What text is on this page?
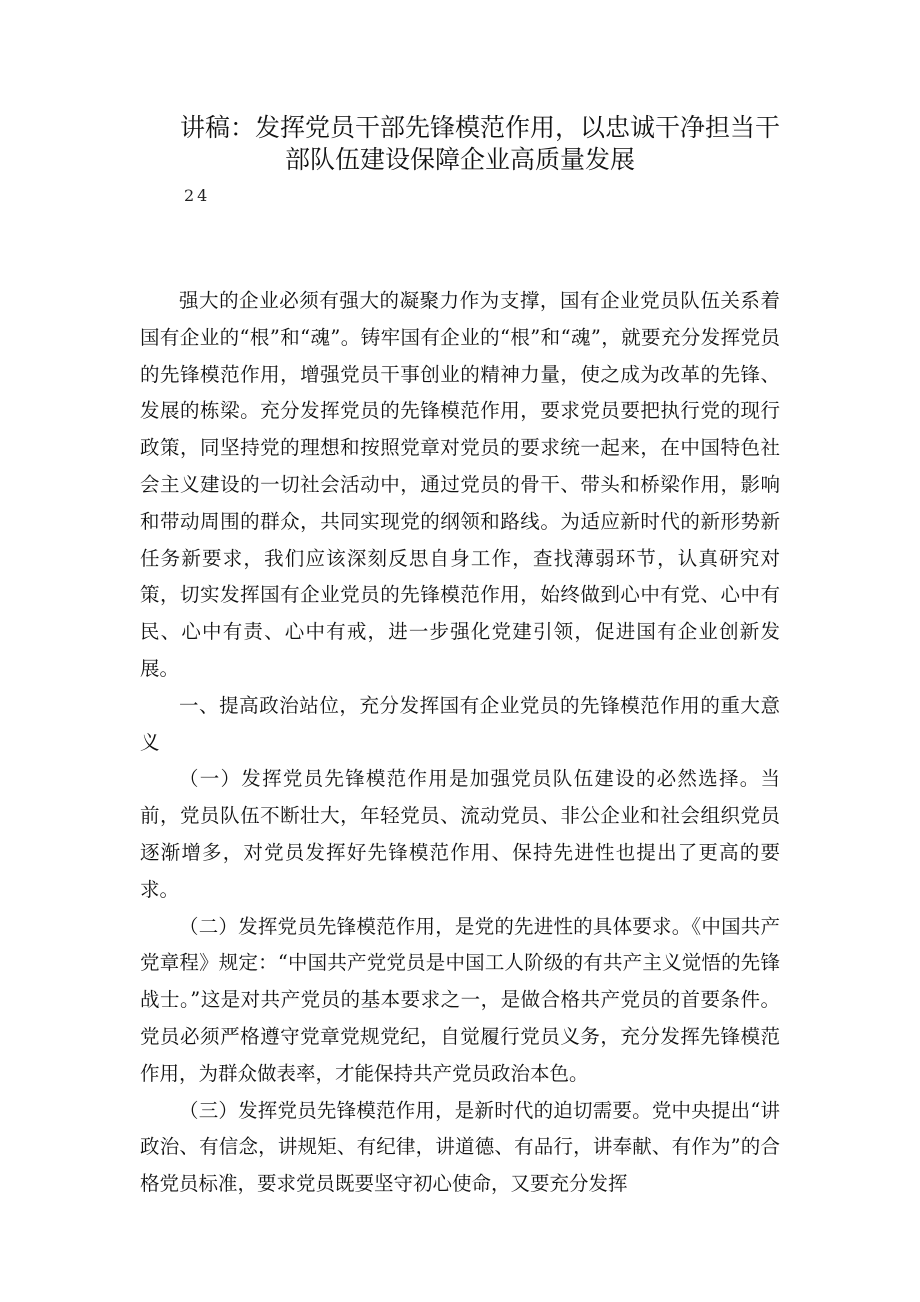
讲稿：发挥党员干部先锋模范作用，以忠诚干净担当干
部队伍建设保障企业高质量发展
24

强大的企业必须有强大的凝聚力作为支撑，国有企业党员队伍关系着国有企业的“根”和“魂”。铸牢国有企业的“根”和“魂”，就要充分发挥党员的先锋模范作用，增强党员干事创业的精神力量，使之成为改革的先锋、发展的栋梁。充分发挥党员的先锋模范作用，要求党员要把执行党的现行政策，同坚持党的理想和按照党章对党员的要求统一起来，在中国特色社会主义建设的一切社会活动中，通过党员的骨干、带头和桥梁作用，影响和带动周围的群众，共同实现党的纲领和路线。为适应新时代的新形势新任务新要求，我们应该深刻反思自身工作，查找薄弱环节，认真研究对策，切实发挥国有企业党员的先锋模范作用，始终做到心中有党、心中有民、心中有责、心中有戒，进一步强化党建引领，促进国有企业创新发展。

一、提高政治站位，充分发挥国有企业党员的先锋模范作用的重大意义

（一）发挥党员先锋模范作用是加强党员队伍建设的必然选择。当前，党员队伍不断壮大，年轻党员、流动党员、非公企业和社会组织党员逐渐增多，对党员发挥好先锋模范作用、保持先进性也提出了更高的要求。

（二）发挥党员先锋模范作用，是党的先进性的具体要求。《中国共产党章程》规定：“中国共产党党员是中国工人阶级的有共产主义觉悟的先锋战士。”这是对共产党员的基本要求之一，是做合格共产党员的首要条件。党员必须严格遵守党章党规党纪，自觉履行党员义务，充分发挥先锋模范作用，为群众做表率，才能保持共产党员政治本色。

（三）发挥党员先锋模范作用，是新时代的迫切需要。党中央提出“讲政治、有信念，讲规矩、有纪律，讲道德、有品行，讲奉献、有作为”的合格党员标准，要求党员既要坚守初心使命，又要充分发挥
